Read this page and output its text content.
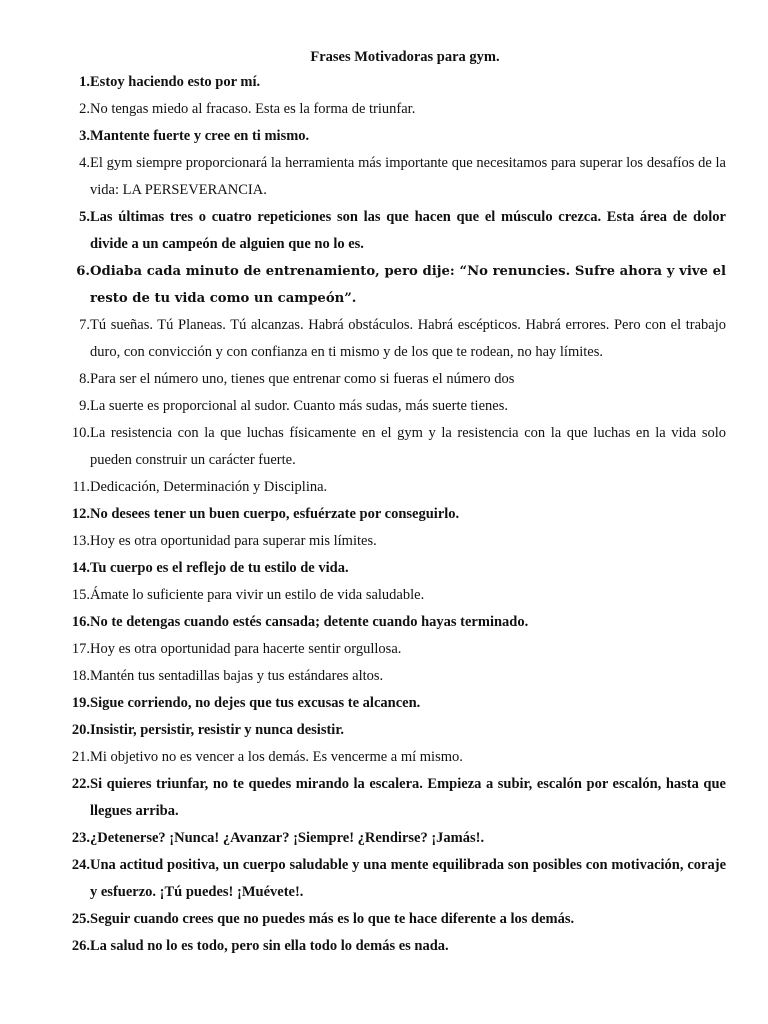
Frases Motivadoras para gym.
1. Estoy haciendo esto por mí.
2. No tengas miedo al fracaso. Esta es la forma de triunfar.
3. Mantente fuerte y cree en ti mismo.
4. El gym siempre proporcionará la herramienta más importante que necesitamos para superar los desafíos de la vida: LA PERSEVERANCIA.
5. Las últimas tres o cuatro repeticiones son las que hacen que el músculo crezca. Esta área de dolor divide a un campeón de alguien que no lo es.
6. Odiaba cada minuto de entrenamiento, pero dije: “No renuncies. Sufre ahora y vive el resto de tu vida como un campeón”.
7. Tú sueñas. Tú Planeas. Tú alcanzas. Habrá obstáculos. Habrá escépticos. Habrá errores. Pero con el trabajo duro, con convicción y con confianza en ti mismo y de los que te rodean, no hay límites.
8. Para ser el número uno, tienes que entrenar como si fueras el número dos
9. La suerte es proporcional al sudor. Cuanto más sudas, más suerte tienes.
10. La resistencia con la que luchas físicamente en el gym y la resistencia con la que luchas en la vida solo pueden construir un carácter fuerte.
11. Dedicación, Determinación y Disciplina.
12. No desees tener un buen cuerpo, esfuérzate por conseguirlo.
13. Hoy es otra oportunidad para superar mis límites.
14. Tu cuerpo es el reflejo de tu estilo de vida.
15. Ámate lo suficiente para vivir un estilo de vida saludable.
16. No te detengas cuando estés cansada; detente cuando hayas terminado.
17. Hoy es otra oportunidad para hacerte sentir orgullosa.
18. Mantén tus sentadillas bajas y tus estándares altos.
19. Sigue corriendo, no dejes que tus excusas te alcancen.
20. Insistir, persistir, resistir y nunca desistir.
21. Mi objetivo no es vencer a los demás. Es vencerme a mí mismo.
22. Si quieres triunfar, no te quedes mirando la escalera. Empieza a subir, escalón por escalón, hasta que llegues arriba.
23. ¿Detenerse? ¡Nunca! ¿Avanzar? ¡Siempre! ¿Rendirse? ¡Jamás!.
24. Una actitud positiva, un cuerpo saludable y una mente equilibrada son posibles con motivación, coraje y esfuerzo. ¡Tú puedes! ¡Muévete!.
25. Seguir cuando crees que no puedes más es lo que te hace diferente a los demás.
26. La salud no lo es todo, pero sin ella todo lo demás es nada.
